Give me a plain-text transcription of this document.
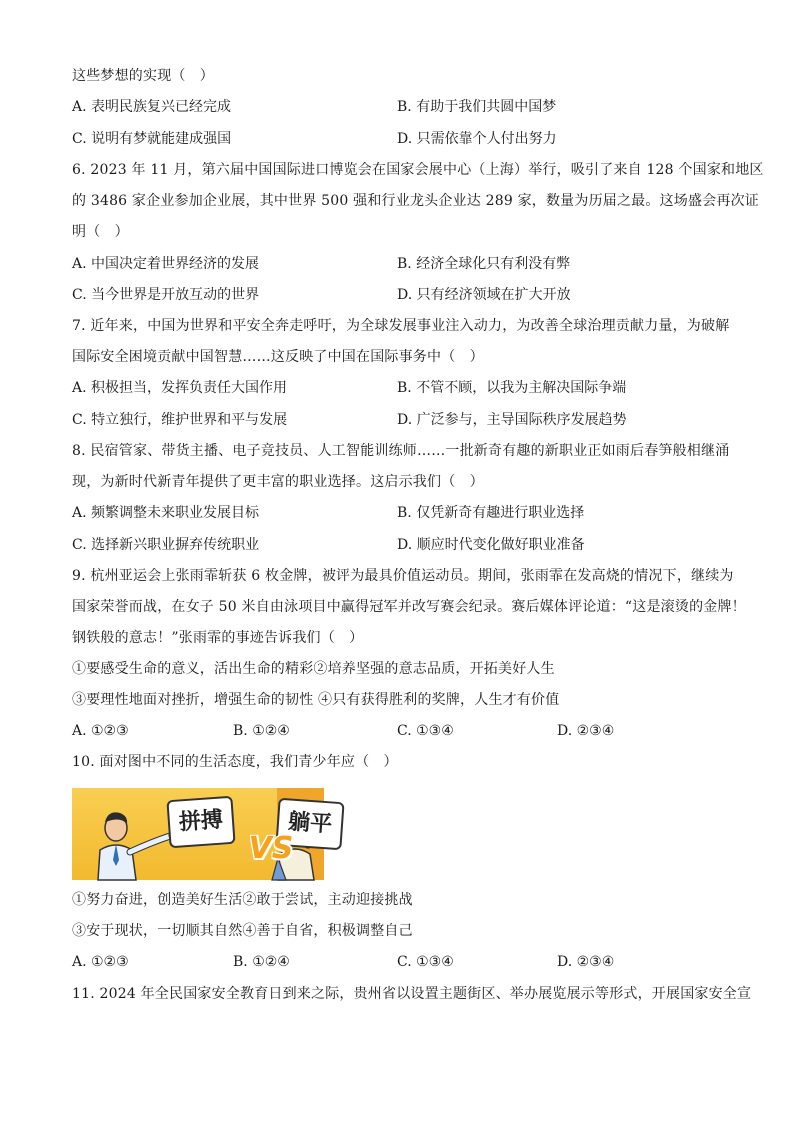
这些梦想的实现（　）
A. 表明民族复兴已经完成	B. 有助于我们共圆中国梦
C. 说明有梦就能建成强国	D. 只需依靠个人付出努力
6. 2023 年 11 月，第六届中国国际进口博览会在国家会展中心（上海）举行，吸引了来自 128 个国家和地区
的 3486 家企业参加企业展，其中世界 500 强和行业龙头企业达 289 家，数量为历届之最。这场盛会再次证
明（　）
A. 中国决定着世界经济的发展	B. 经济全球化只有利没有弊
C. 当今世界是开放互动的世界	D. 只有经济领域在扩大开放
7. 近年来，中国为世界和平安全奔走呼吁，为全球发展事业注入动力，为改善全球治理贡献力量，为破解
国际安全困境贡献中国智慧……这反映了中国在国际事务中（　）
A. 积极担当，发挥负责任大国作用	B. 不管不顾，以我为主解决国际争端
C. 特立独行，维护世界和平与发展	D. 广泛参与，主导国际秩序发展趋势
8. 民宿管家、带货主播、电子竞技员、人工智能训练师……一批新奇有趣的新职业正如雨后春笋般相继涌
现，为新时代新青年提供了更丰富的职业选择。这启示我们（　）
A. 频繁调整未来职业发展目标	B. 仅凭新奇有趣进行职业选择
C. 选择新兴职业摒弃传统职业	D. 顺应时代变化做好职业准备
9. 杭州亚运会上张雨霏斩获 6 枚金牌，被评为最具价值运动员。期间，张雨霏在发高烧的情况下，继续为
国家荣誉而战，在女子 50 米自由泳项目中赢得冠军并改写赛会纪录。赛后媒体评论道：“这是滚烫的金牌！
钢铁般的意志！”张雨霏的事迹告诉我们（　）
①要感受生命的意义，活出生命的精彩②培养坚强的意志品质，开拓美好人生
③要理性地面对挫折，增强生命的韧性 ④只有获得胜利的奖牌，人生才有价值
A. ①②③	B. ①②④	C. ①③④	D. ②③④
10. 面对图中不同的生活态度，我们青少年应（　）
拼搏	躺平
VS
①努力奋进，创造美好生活②敢于尝试，主动迎接挑战
③安于现状，一切顺其自然④善于自省，积极调整自己
A. ①②③	B. ①②④	C. ①③④	D. ②③④
11. 2024 年全民国家安全教育日到来之际，贵州省以设置主题街区、举办展览展示等形式，开展国家安全宣
